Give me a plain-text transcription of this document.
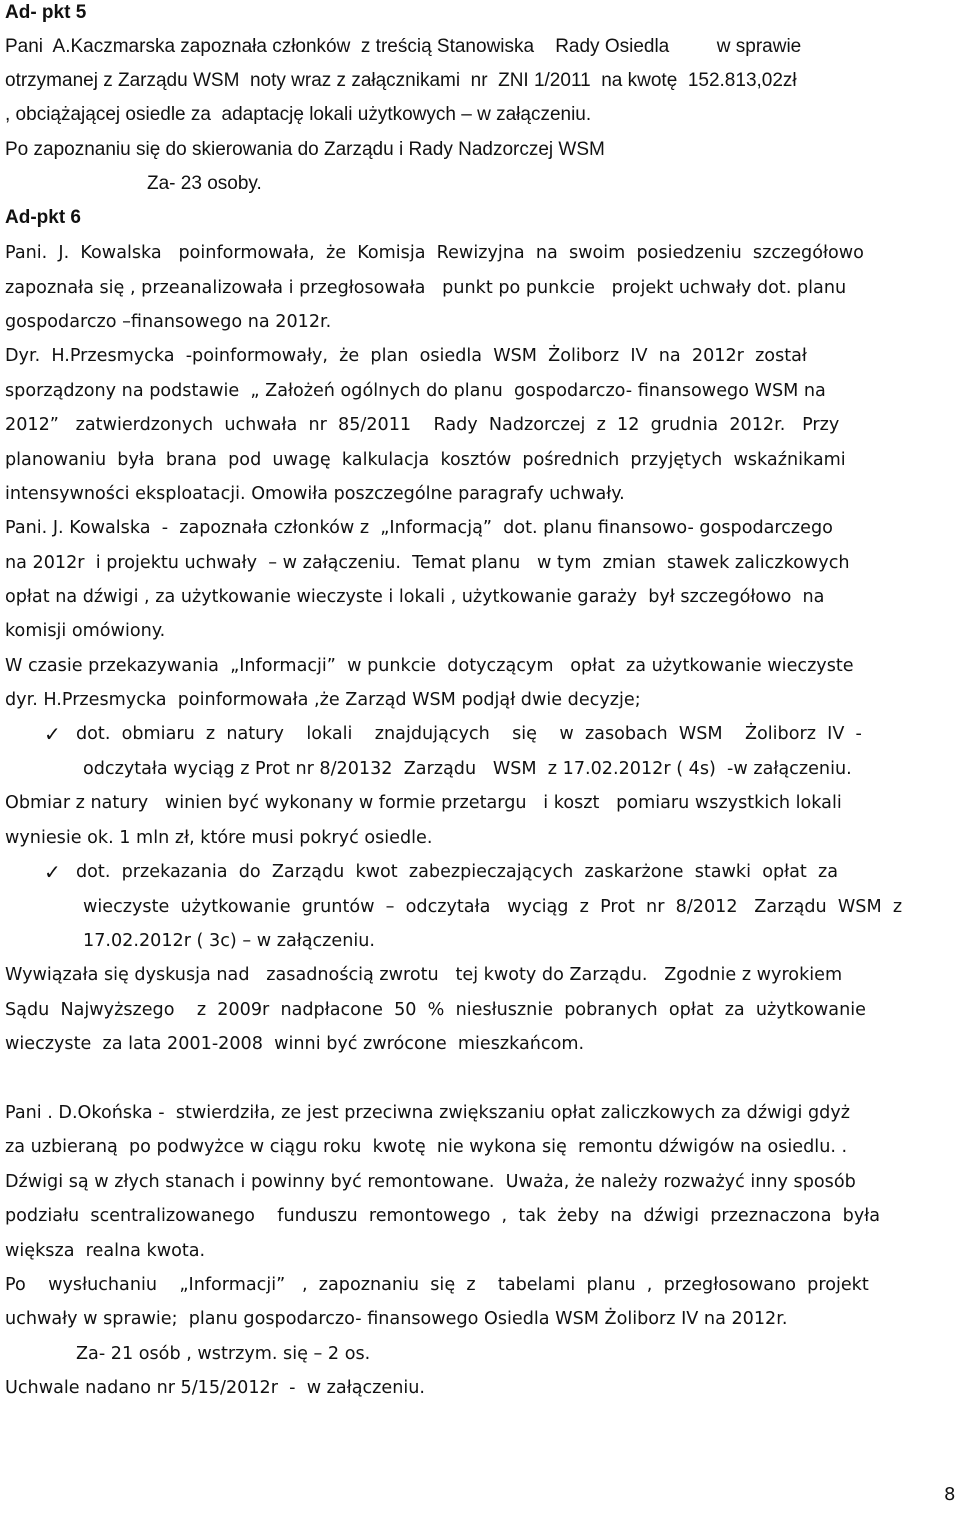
Ad- pkt 5
Pani  A.Kaczmarska zapoznała członków  z treścią Stanowiska    Rady Osiedla         w sprawie
otrzymanej z Zarządu WSM  noty wraz z załącznikami  nr  ZNI 1/2011  na kwotę  152.813,02zł
, obciążającej osiedle za  adaptację lokali użytkowych – w załączeniu.
Po zapoznaniu się do skierowania do Zarządu i Rady Nadzorczej WSM
Za- 23 osoby.
Ad-pkt 6
Pani.  J.  Kowalska   poinformowała,  że  Komisja  Rewizyjna  na  swoim  posiedzeniu  szczegółowo
zapoznała się , przeanalizowała i przegłosowała   punkt po punkcie   projekt uchwały dot. planu
gospodarczo –finansowego na 2012r.
Dyr.  H.Przesmycka  -poinformowały,  że  plan  osiedla  WSM  Żoliborz  IV  na  2012r  został
sporządzony na podstawie  „ Założeń ogólnych do planu  gospodarczo- finansowego WSM na
2012”   zatwierdzonych  uchwała  nr  85/2011    Rady  Nadzorczej  z  12  grudnia  2012r.   Przy
planowaniu  była  brana  pod  uwagę  kalkulacja  kosztów  pośrednich  przyjętych  wskaźnikami
intensywności eksploatacji. Omowiła poszczególne paragrafy uchwały.
Pani. J. Kowalska  -  zapoznała członków z  „Informacją”  dot. planu finansowo- gospodarczego
na 2012r  i projektu uchwały  – w załączeniu.  Temat planu   w tym  zmian  stawek zaliczkowych
opłat na dźwigi , za użytkowanie wieczyste i lokali , użytkowanie garaży  był szczegółowo  na
komisji omówiony.
W czasie przekazywania  „Informacji”  w punkcie  dotyczącym   opłat  za użytkowanie wieczyste
dyr. H.Przesmycka  poinformowała ,że Zarząd WSM podjął dwie decyzje;
✓ dot.  obmiaru  z  natury    lokali    znajdujących    się    w  zasobach  WSM    Żoliborz  IV  -
odczytała wyciąg z Prot nr 8/20132  Zarządu   WSM  z 17.02.2012r ( 4s)  -w załączeniu.
Obmiar z natury   winien być wykonany w formie przetargu   i koszt   pomiaru wszystkich lokali
wyniesie ok. 1 mln zł, które musi pokryć osiedle.
✓ dot.  przekazania  do  Zarządu  kwot  zabezpieczających  zaskarżone  stawki  opłat  za
wieczyste  użytkowanie  gruntów  –  odczytała   wyciąg  z  Prot  nr  8/2012   Zarządu  WSM  z
17.02.2012r ( 3c) – w załączeniu.
Wywiązała się dyskusja nad   zasadnością zwrotu   tej kwoty do Zarządu.   Zgodnie z wyrokiem
Sądu  Najwyższego    z  2009r  nadpłacone  50  %  niesłusznie  pobranych  opłat  za  użytkowanie
wieczyste  za lata 2001-2008  winni być zwrócone  mieszkańcom.
Pani . D.Okońska -  stwierdziła, ze jest przeciwna zwiększaniu opłat zaliczkowych za dźwigi gdyż
za uzbieraną  po podwyżce w ciągu roku  kwotę  nie wykona się  remontu dźwigów na osiedlu. .
Dźwigi są w złych stanach i powinny być remontowane.  Uważa, że należy rozważyć inny sposób
podziału  scentralizowanego    funduszu  remontowego  ,  tak  żeby  na  dźwigi  przeznaczona  była
większa  realna kwota.
Po    wysłuchaniu    „Informacji”   ,  zapoznaniu  się  z    tabelami  planu  ,  przegłosowano  projekt
uchwały w sprawie;  planu gospodarczo- finansowego Osiedla WSM Żoliborz IV na 2012r.
Za- 21 osób , wstrzym. się – 2 os.
Uchwale nadano nr 5/15/2012r  -  w załączeniu.
8
